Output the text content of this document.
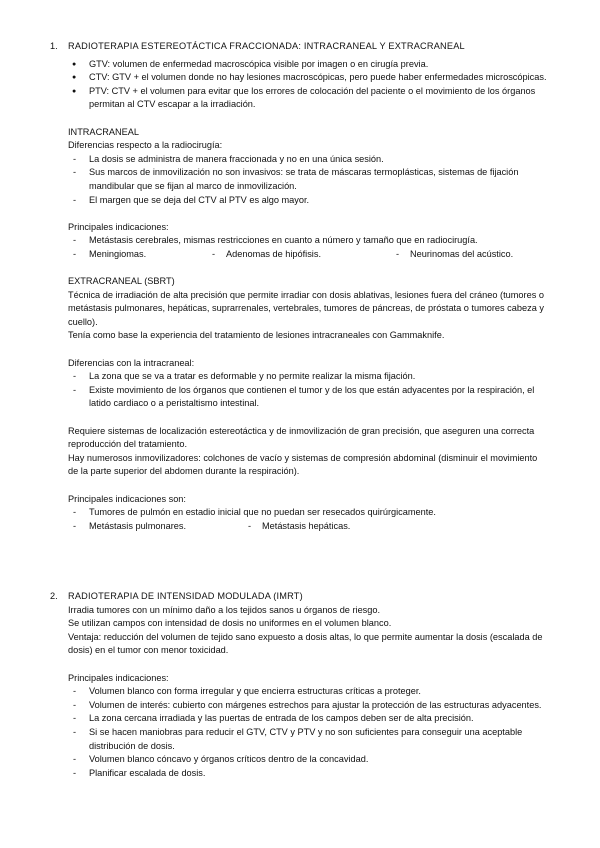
1.	RADIOTERAPIA ESTEREOTÁCTICA FRACCIONADA: INTRACRANEAL Y EXTRACRANEAL
● GTV: volumen de enfermedad macroscópica visible por imagen o en cirugía previa.
● CTV: GTV + el volumen donde no hay lesiones macroscópicas, pero puede haber enfermedades microscópicas.
● PTV: CTV + el volumen para evitar que los errores de colocación del paciente o el movimiento de los órganos permitan al CTV escapar a la irradiación.
INTRACRANEAL
Diferencias respecto a la radiocirugía:
- La dosis se administra de manera fraccionada y no en una única sesión.
- Sus marcos de inmovilización no son invasivos: se trata de máscaras termoplásticas, sistemas de fijación mandibular que se fijan al marco de inmovilización.
- El margen que se deja del CTV al PTV es algo mayor.
Principales indicaciones:
- Metástasis cerebrales, mismas restricciones en cuanto a número y tamaño que en radiocirugía.
- Meningiomas.	- Adenomas de hipófisis.	- Neurinomas del acústico.
EXTRACRANEAL (SBRT)
Técnica de irradiación de alta precisión que permite irradiar con dosis ablativas, lesiones fuera del cráneo (tumores o metástasis pulmonares, hepáticas, suprarrenales, vertebrales, tumores de páncreas, de próstata o tumores cabeza y cuello).
Tenía como base la experiencia del tratamiento de lesiones intracraneales con Gammaknife.
Diferencias con la intracraneal:
- La zona que se va a tratar es deformable y no permite realizar la misma fijación.
- Existe movimiento de los órganos que contienen el tumor y de los que están adyacentes por la respiración, el latido cardiaco o a peristaltismo intestinal.
Requiere sistemas de localización estereotáctica y de inmovilización de gran precisión, que aseguren una correcta reproducción del tratamiento.
Hay numerosos inmovilizadores: colchones de vacío y sistemas de compresión abdominal (disminuir el movimiento de la parte superior del abdomen durante la respiración).
Principales indicaciones son:
- Tumores de pulmón en estadio inicial que no puedan ser resecados quirúrgicamente.
- Metástasis pulmonares.	- Metástasis hepáticas.
2.	RADIOTERAPIA DE INTENSIDAD MODULADA (IMRT)
Irradia tumores con un mínimo daño a los tejidos sanos u órganos de riesgo.
Se utilizan campos con intensidad de dosis no uniformes en el volumen blanco.
Ventaja: reducción del volumen de tejido sano expuesto a dosis altas, lo que permite aumentar la dosis (escalada de dosis) en el tumor con menor toxicidad.
Principales indicaciones:
- Volumen blanco con forma irregular y que encierra estructuras críticas a proteger.
- Volumen de interés: cubierto con márgenes estrechos para ajustar la protección de las estructuras adyacentes.
- La zona cercana irradiada y las puertas de entrada de los campos deben ser de alta precisión.
- Si se hacen maniobras para reducir el GTV, CTV y PTV y no son suficientes para conseguir una aceptable distribución de dosis.
- Volumen blanco cóncavo y órganos críticos dentro de la concavidad.
- Planificar escalada de dosis.
